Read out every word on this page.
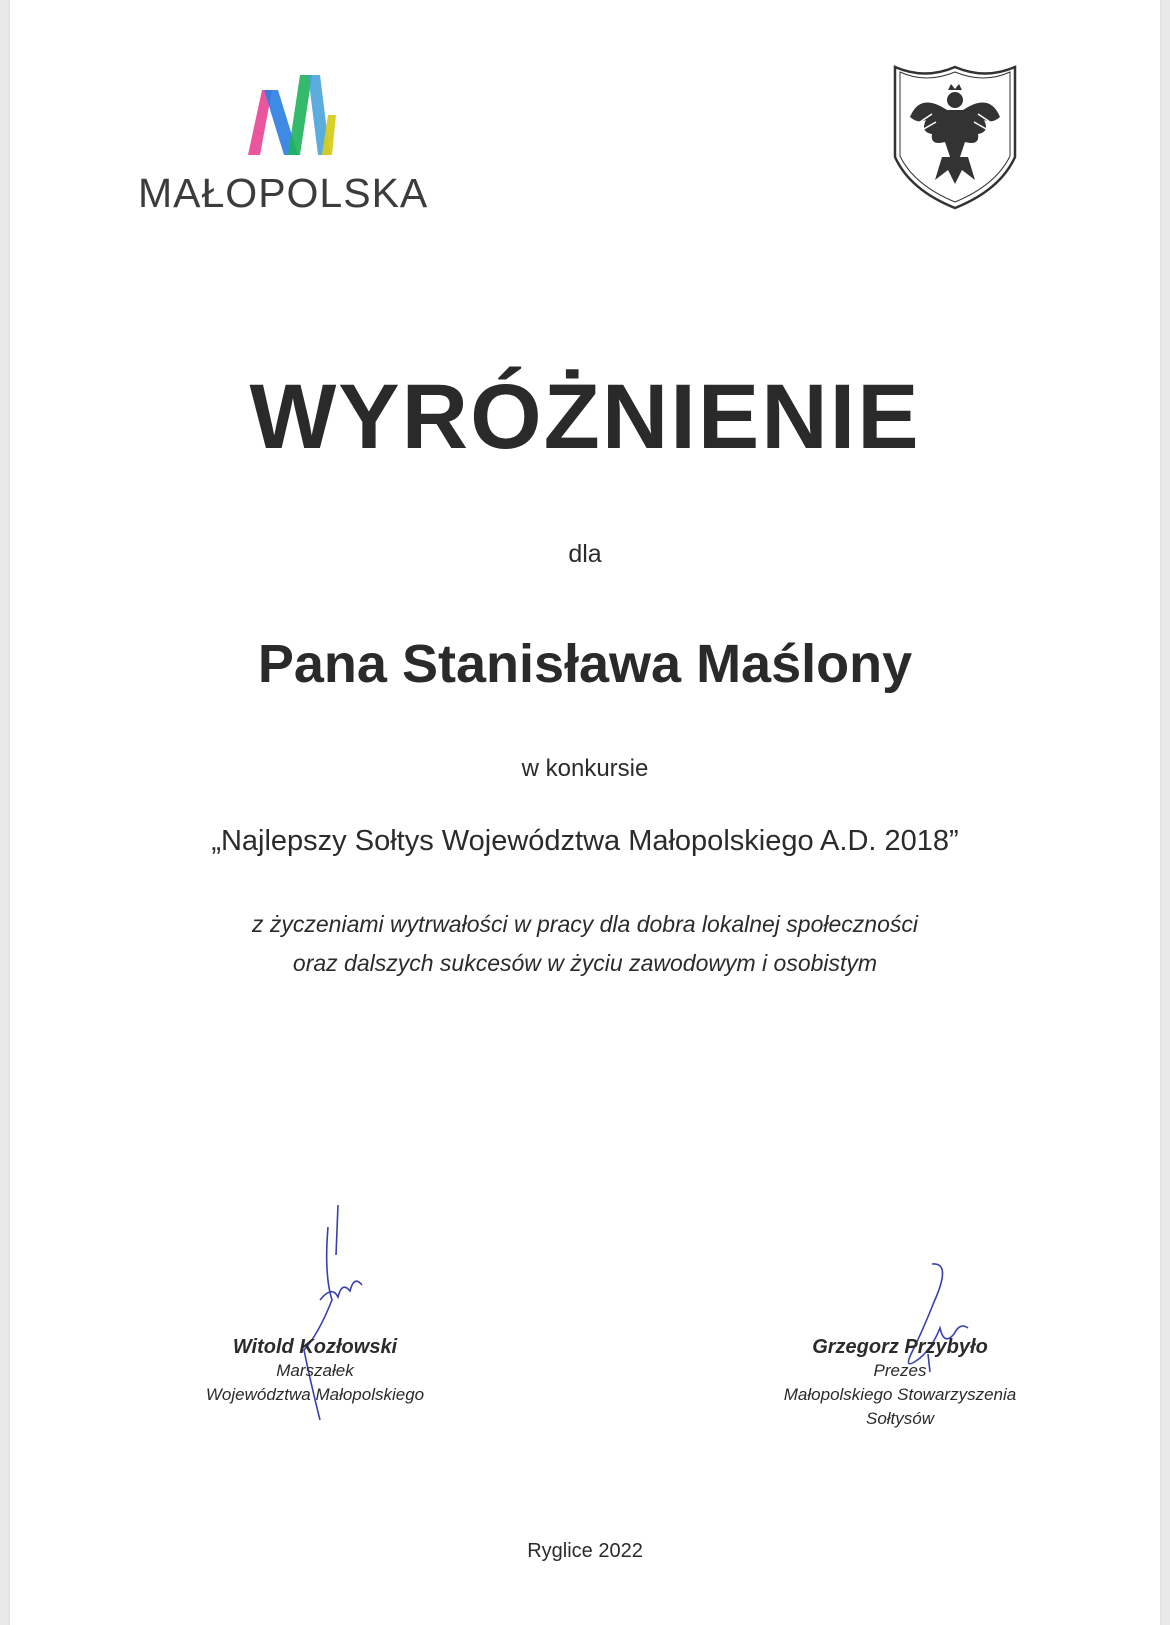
MAŁOPOLSKA
WYRÓŻNIENIE
dla
Pana Stanisława Maślony
w konkursie
„Najlepszy Sołtys Województwa Małopolskiego A.D. 2018”
z życzeniami wytrwałości w pracy dla dobra lokalnej społeczności
oraz dalszych sukcesów w życiu zawodowym i osobistym
Witold Kozłowski
Marszałek
Województwa Małopolskiego
Grzegorz Przybyło
Prezes
Małopolskiego Stowarzyszenia
Sołtysów
Ryglice 2022
